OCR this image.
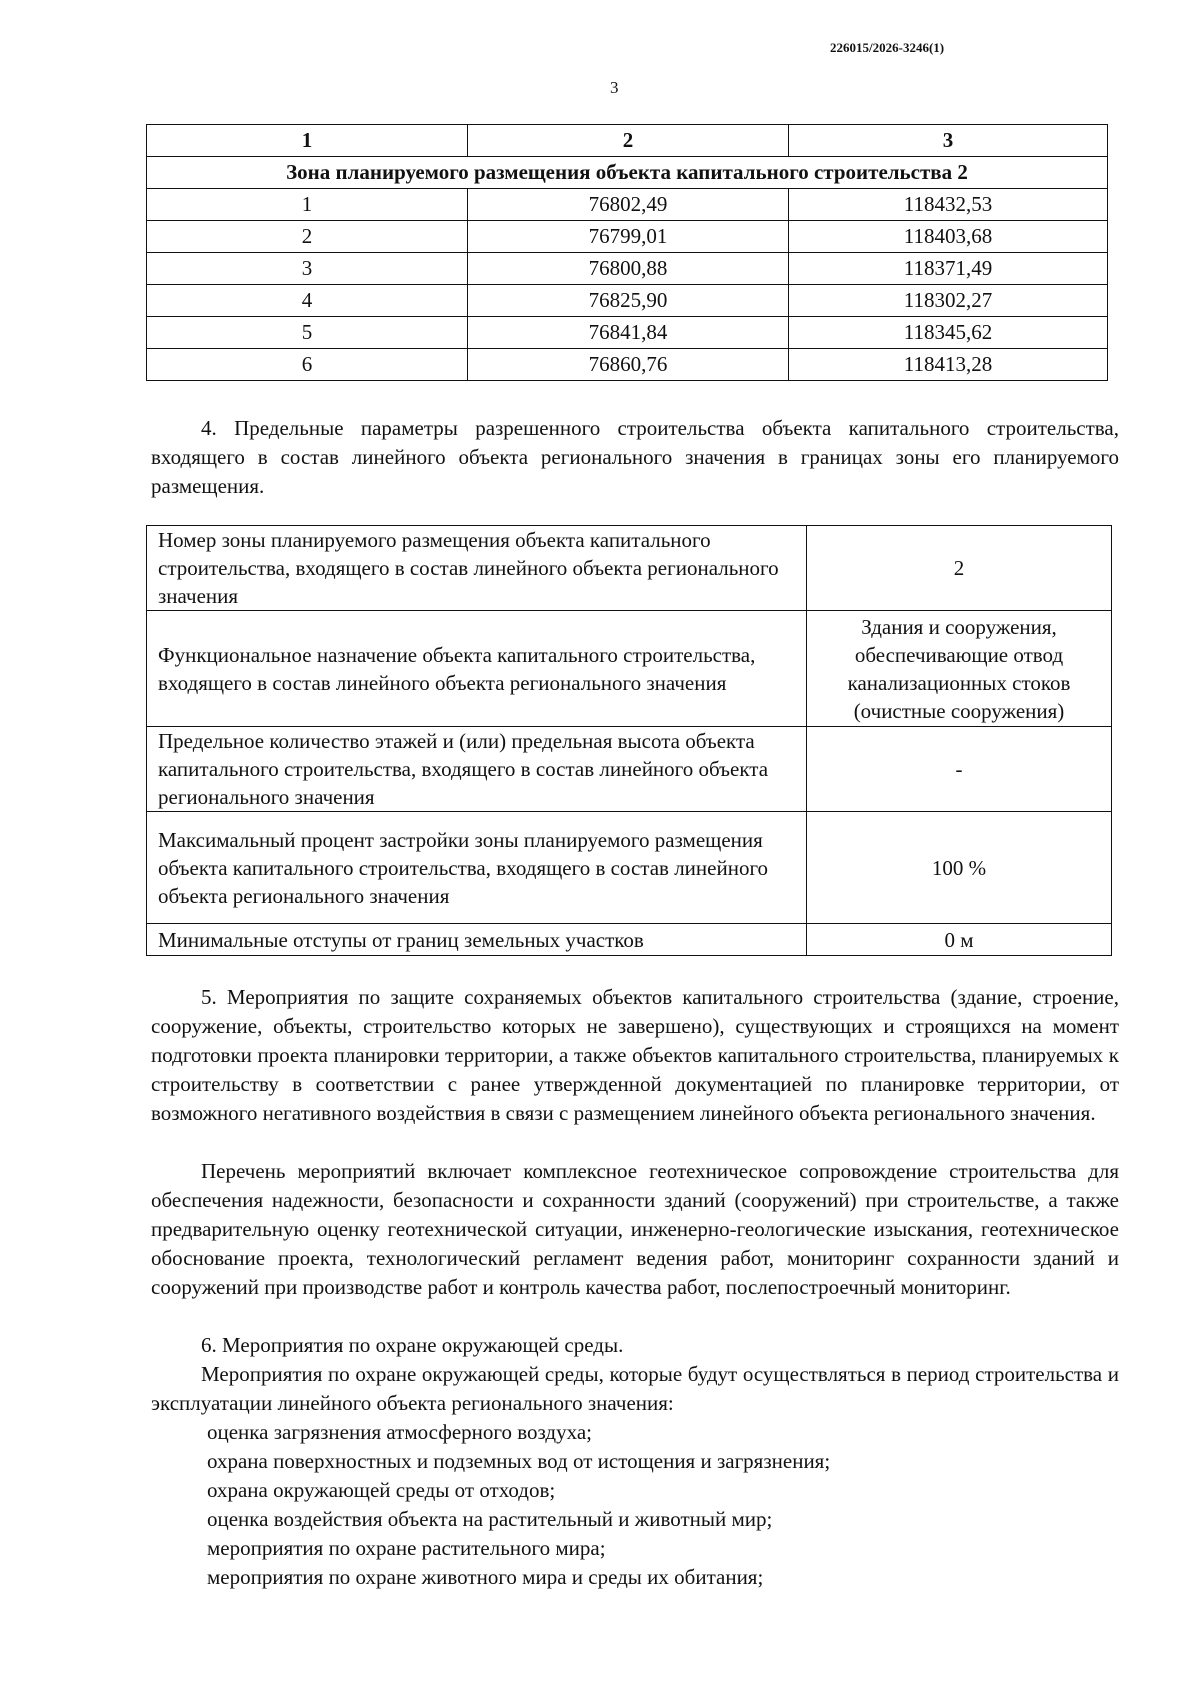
226015/2026-3246(1)
3
1	2	3
Зона планируемого размещения объекта капитального строительства 2		
1	76802,49	118432,53
2	76799,01	118403,68
3	76800,88	118371,49
4	76825,90	118302,27
5	76841,84	118345,62
6	76860,76	118413,28

4. Предельные параметры разрешенного строительства объекта капитального строительства, входящего в состав линейного объекта регионального значения в границах зоны его планируемого размещения.

Номер зоны планируемого размещения объекта капитального строительства, входящего в состав линейного объекта регионального значения	2
Функциональное назначение объекта капитального строительства, входящего в состав линейного объекта регионального значения	Здания и сооружения, обеспечивающие отвод канализационных стоков (очистные сооружения)
Предельное количество этажей и (или) предельная высота объекта капитального строительства, входящего в состав линейного объекта регионального значения	-
Максимальный процент застройки зоны планируемого размещения объекта капитального строительства, входящего в состав линейного объекта регионального значения	100 %
Минимальные отступы от границ земельных участков	0 м

5. Мероприятия по защите сохраняемых объектов капитального строительства (здание, строение, сооружение, объекты, строительство которых не завершено), существующих и строящихся на момент подготовки проекта планировки территории, а также объектов капитального строительства, планируемых к строительству в соответствии с ранее утвержденной документацией по планировке территории, от возможного негативного воздействия в связи с размещением линейного объекта регионального значения.

Перечень мероприятий включает комплексное геотехническое сопровождение строительства для обеспечения надежности, безопасности и сохранности зданий (сооружений) при строительстве, а также предварительную оценку геотехнической ситуации, инженерно-геологические изыскания, геотехническое обоснование проекта, технологический регламент ведения работ, мониторинг сохранности зданий и сооружений при производстве работ и контроль качества работ, послепостроечный мониторинг.

6. Мероприятия по охране окружающей среды.

Мероприятия по охране окружающей среды, которые будут осуществляться в период строительства и эксплуатации линейного объекта регионального значения:

оценка загрязнения атмосферного воздуха;

охрана поверхностных и подземных вод от истощения и загрязнения;

охрана окружающей среды от отходов;

оценка воздействия объекта на растительный и животный мир;

мероприятия по охране растительного мира;

мероприятия по охране животного мира и среды их обитания;
